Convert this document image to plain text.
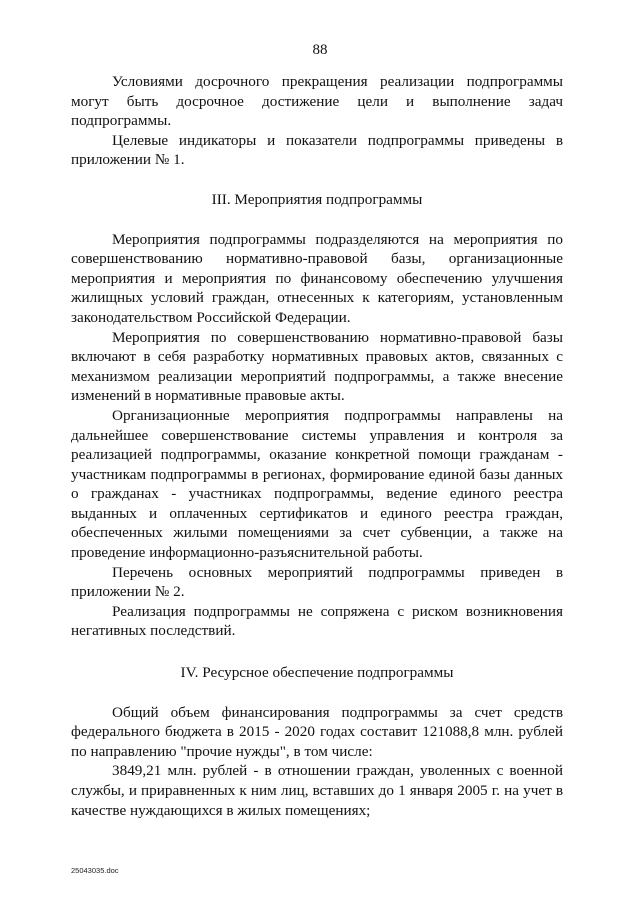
88

Условиями досрочного прекращения реализации подпрограммы могут быть досрочное достижение цели и выполнение задач подпрограммы.

Целевые индикаторы и показатели подпрограммы приведены в приложении № 1.

III. Мероприятия подпрограммы

Мероприятия подпрограммы подразделяются на мероприятия по совершенствованию нормативно-правовой базы, организационные мероприятия и мероприятия по финансовому обеспечению улучшения жилищных условий граждан, отнесенных к категориям, установленным законодательством Российской Федерации.

Мероприятия по совершенствованию нормативно-правовой базы включают в себя разработку нормативных правовых актов, связанных с механизмом реализации мероприятий подпрограммы, а также внесение изменений в нормативные правовые акты.

Организационные мероприятия подпрограммы направлены на дальнейшее совершенствование системы управления и контроля за реализацией подпрограммы, оказание конкретной помощи гражданам - участникам подпрограммы в регионах, формирование единой базы данных о гражданах - участниках подпрограммы, ведение единого реестра выданных и оплаченных сертификатов и единого реестра граждан, обеспеченных жилыми помещениями за счет субвенции, а также на проведение информационно-разъяснительной работы.

Перечень основных мероприятий подпрограммы приведен в приложении № 2.

Реализация подпрограммы не сопряжена с риском возникновения негативных последствий.

IV. Ресурсное обеспечение подпрограммы

Общий объем финансирования подпрограммы за счет средств федерального бюджета в 2015 - 2020 годах составит 121088,8 млн. рублей по направлению "прочие нужды", в том числе:

3849,21 млн. рублей - в отношении граждан, уволенных с военной службы, и приравненных к ним лиц, вставших до 1 января 2005 г. на учет в качестве нуждающихся в жилых помещениях;

25043035.doc
